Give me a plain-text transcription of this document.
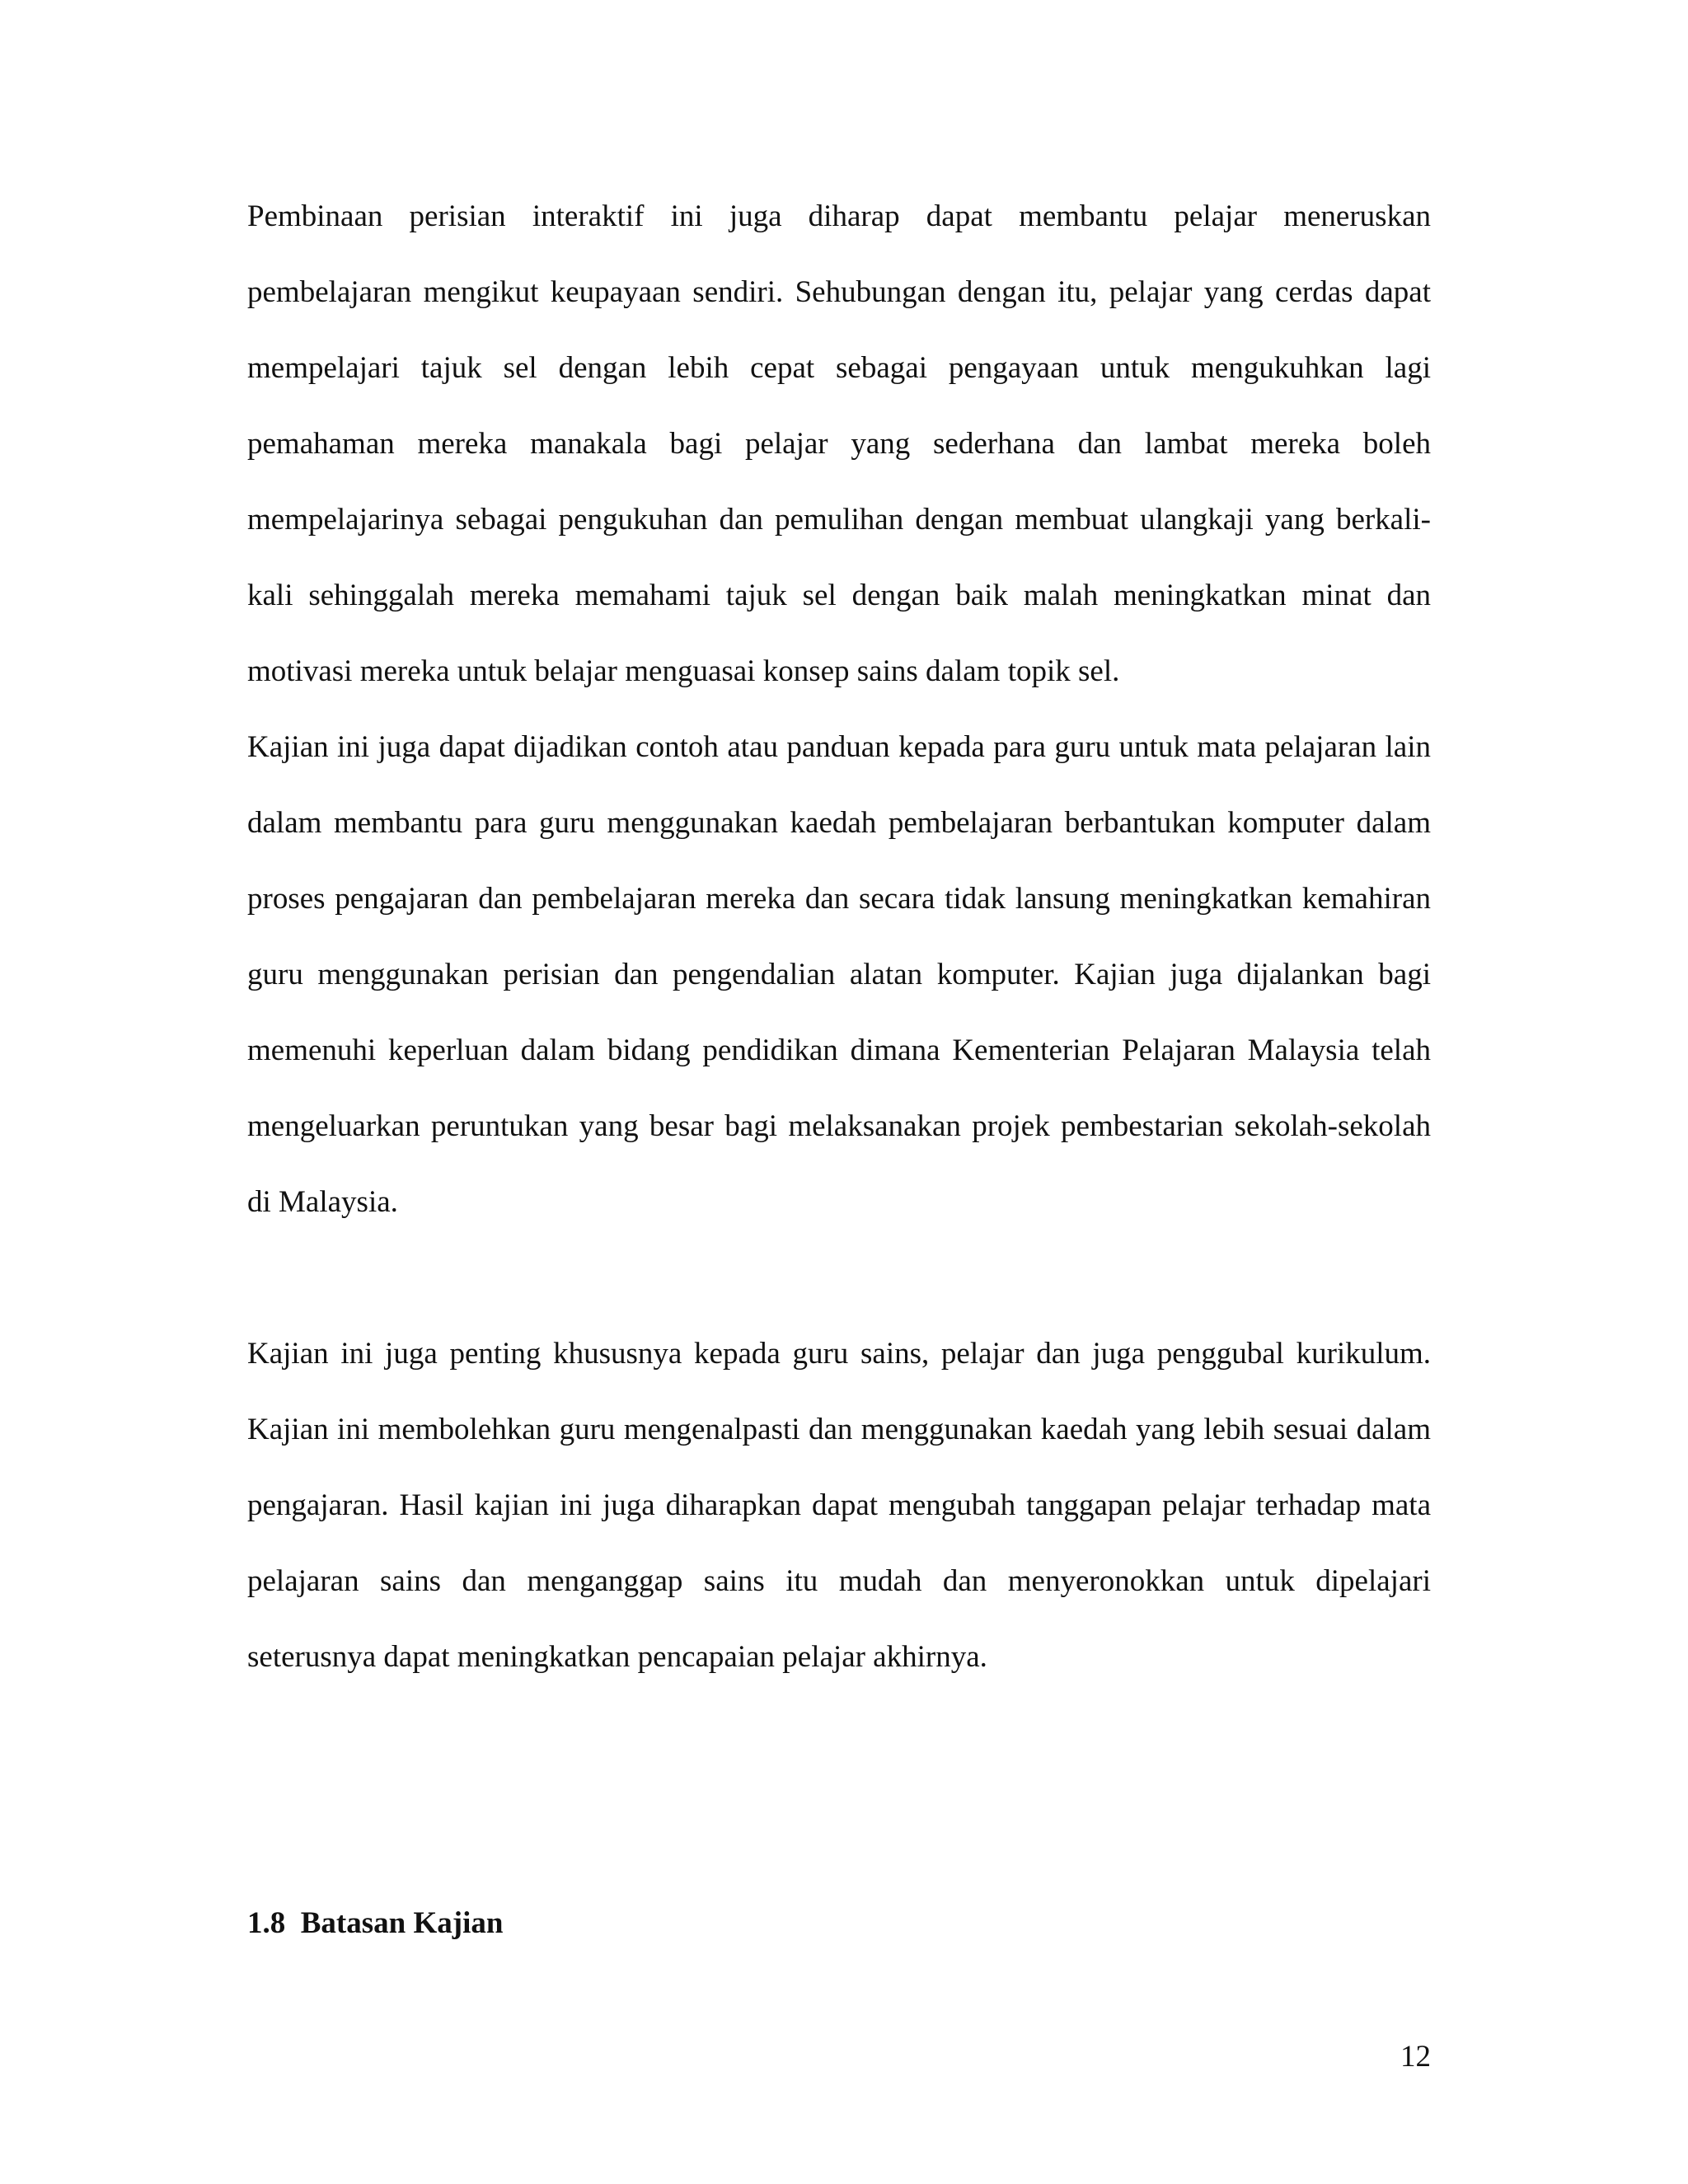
Pembinaan perisian interaktif ini juga diharap dapat membantu pelajar meneruskan pembelajaran mengikut keupayaan sendiri. Sehubungan dengan itu, pelajar yang cerdas dapat mempelajari tajuk sel dengan lebih cepat sebagai pengayaan untuk mengukuhkan lagi pemahaman mereka manakala bagi pelajar yang sederhana dan lambat mereka boleh mempelajarinya sebagai pengukuhan dan pemulihan dengan membuat ulangkaji yang berkali-kali sehinggalah mereka memahami tajuk sel dengan baik malah meningkatkan minat dan motivasi mereka untuk belajar menguasai konsep sains dalam topik sel.

Kajian ini juga dapat dijadikan contoh atau panduan kepada para guru untuk mata pelajaran lain dalam membantu para guru menggunakan kaedah pembelajaran berbantukan komputer dalam proses pengajaran dan pembelajaran mereka dan secara tidak lansung meningkatkan kemahiran guru menggunakan perisian dan pengendalian alatan komputer. Kajian juga dijalankan bagi memenuhi keperluan dalam bidang pendidikan dimana Kementerian Pelajaran Malaysia telah mengeluarkan peruntukan yang besar bagi melaksanakan projek pembestarian sekolah-sekolah di Malaysia.

Kajian ini juga penting khususnya kepada guru sains, pelajar dan juga penggubal kurikulum. Kajian ini membolehkan guru mengenalpasti dan menggunakan kaedah yang lebih sesuai dalam pengajaran. Hasil kajian ini juga diharapkan dapat mengubah tanggapan pelajar terhadap mata pelajaran sains dan menganggap sains itu mudah dan menyeronokkan untuk dipelajari seterusnya dapat meningkatkan pencapaian pelajar akhirnya.

1.8  Batasan Kajian

12
